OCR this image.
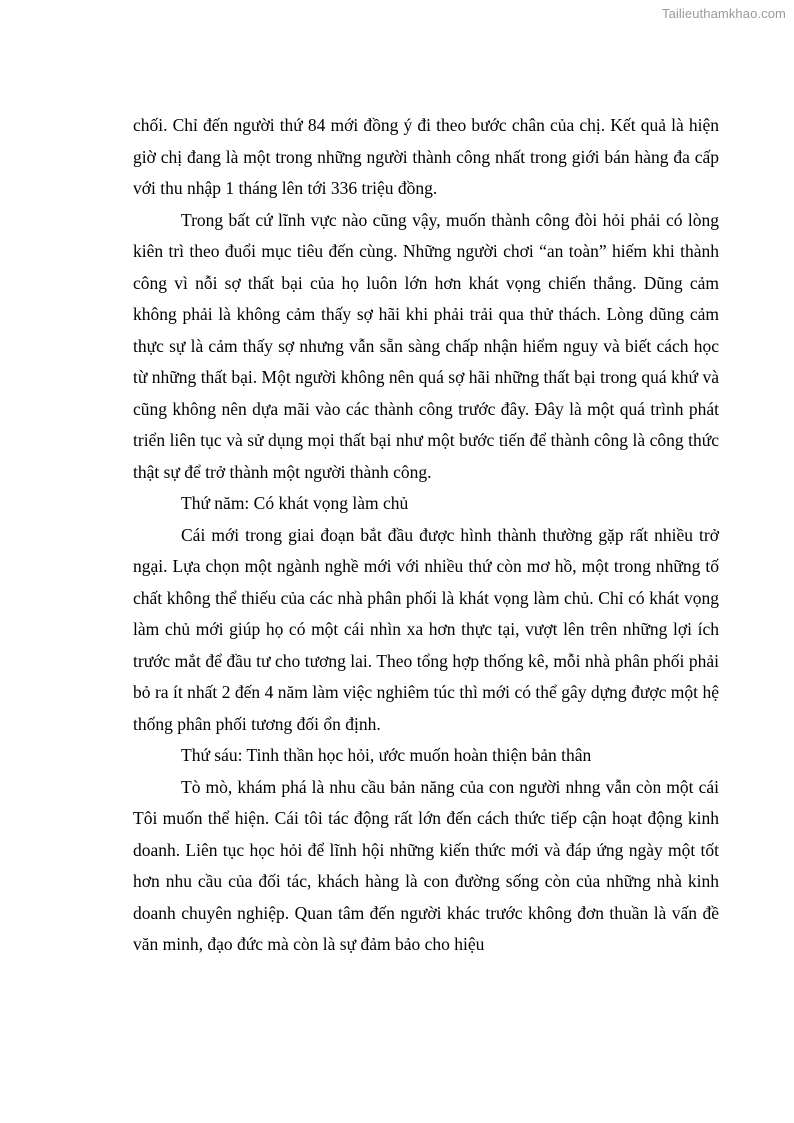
Tailieuthamkhao.com

chối. Chỉ đến người thứ 84 mới đồng ý đi theo bước chân của chị. Kết quả là hiện giờ chị đang là một trong những người thành công nhất trong giới bán hàng đa cấp với thu nhập 1 tháng lên tới 336 triệu đồng.

Trong bất cứ lĩnh vực nào cũng vậy, muốn thành công đòi hỏi phải có lòng kiên trì theo đuổi mục tiêu đến cùng. Những người chơi “an toàn” hiếm khi thành công vì nỗi sợ thất bại của họ luôn lớn hơn khát vọng chiến thắng. Dũng cảm không phải là không cảm thấy sợ hãi khi phải trải qua thử thách. Lòng dũng cảm thực sự là cảm thấy sợ nhưng vẫn sẵn sàng chấp nhận hiểm nguy và biết cách học từ những thất bại. Một người không nên quá sợ hãi những thất bại trong quá khứ và cũng không nên dựa mãi vào các thành công trước đây. Đây là một quá trình phát triển liên tục và sử dụng mọi thất bại như một bước tiến để thành công là công thức thật sự để trở thành một người thành công.

Thứ năm: Có khát vọng làm chủ

Cái mới trong giai đoạn bắt đầu được hình thành thường gặp rất nhiều trở ngại. Lựa chọn một ngành nghề mới với nhiều thứ còn mơ hồ, một trong những tố chất không thể thiếu của các nhà phân phối là khát vọng làm chủ. Chỉ có khát vọng làm chủ mới giúp họ có một cái nhìn xa hơn thực tại, vượt lên trên những lợi ích trước mắt để đầu tư cho tương lai. Theo tổng hợp thống kê, mỗi nhà phân phối phải bỏ ra ít nhất 2 đến 4 năm làm việc nghiêm túc thì mới có thể gây dựng được một hệ thống phân phối tương đối ổn định.

Thứ sáu: Tinh thần học hỏi, ước muốn hoàn thiện bản thân

Tò mò, khám phá là nhu cầu bản năng của con người nhng vẫn còn một cái Tôi muốn thể hiện. Cái tôi tác động rất lớn đến cách thức tiếp cận hoạt động kinh doanh. Liên tục học hỏi để lĩnh hội những kiến thức mới và đáp ứng ngày một tốt hơn nhu cầu của đối tác, khách hàng là con đường sống còn của những nhà kinh doanh chuyên nghiệp. Quan tâm đến người khác trước không đơn thuần là vấn đề văn minh, đạo đức mà còn là sự đảm bảo cho hiệu
